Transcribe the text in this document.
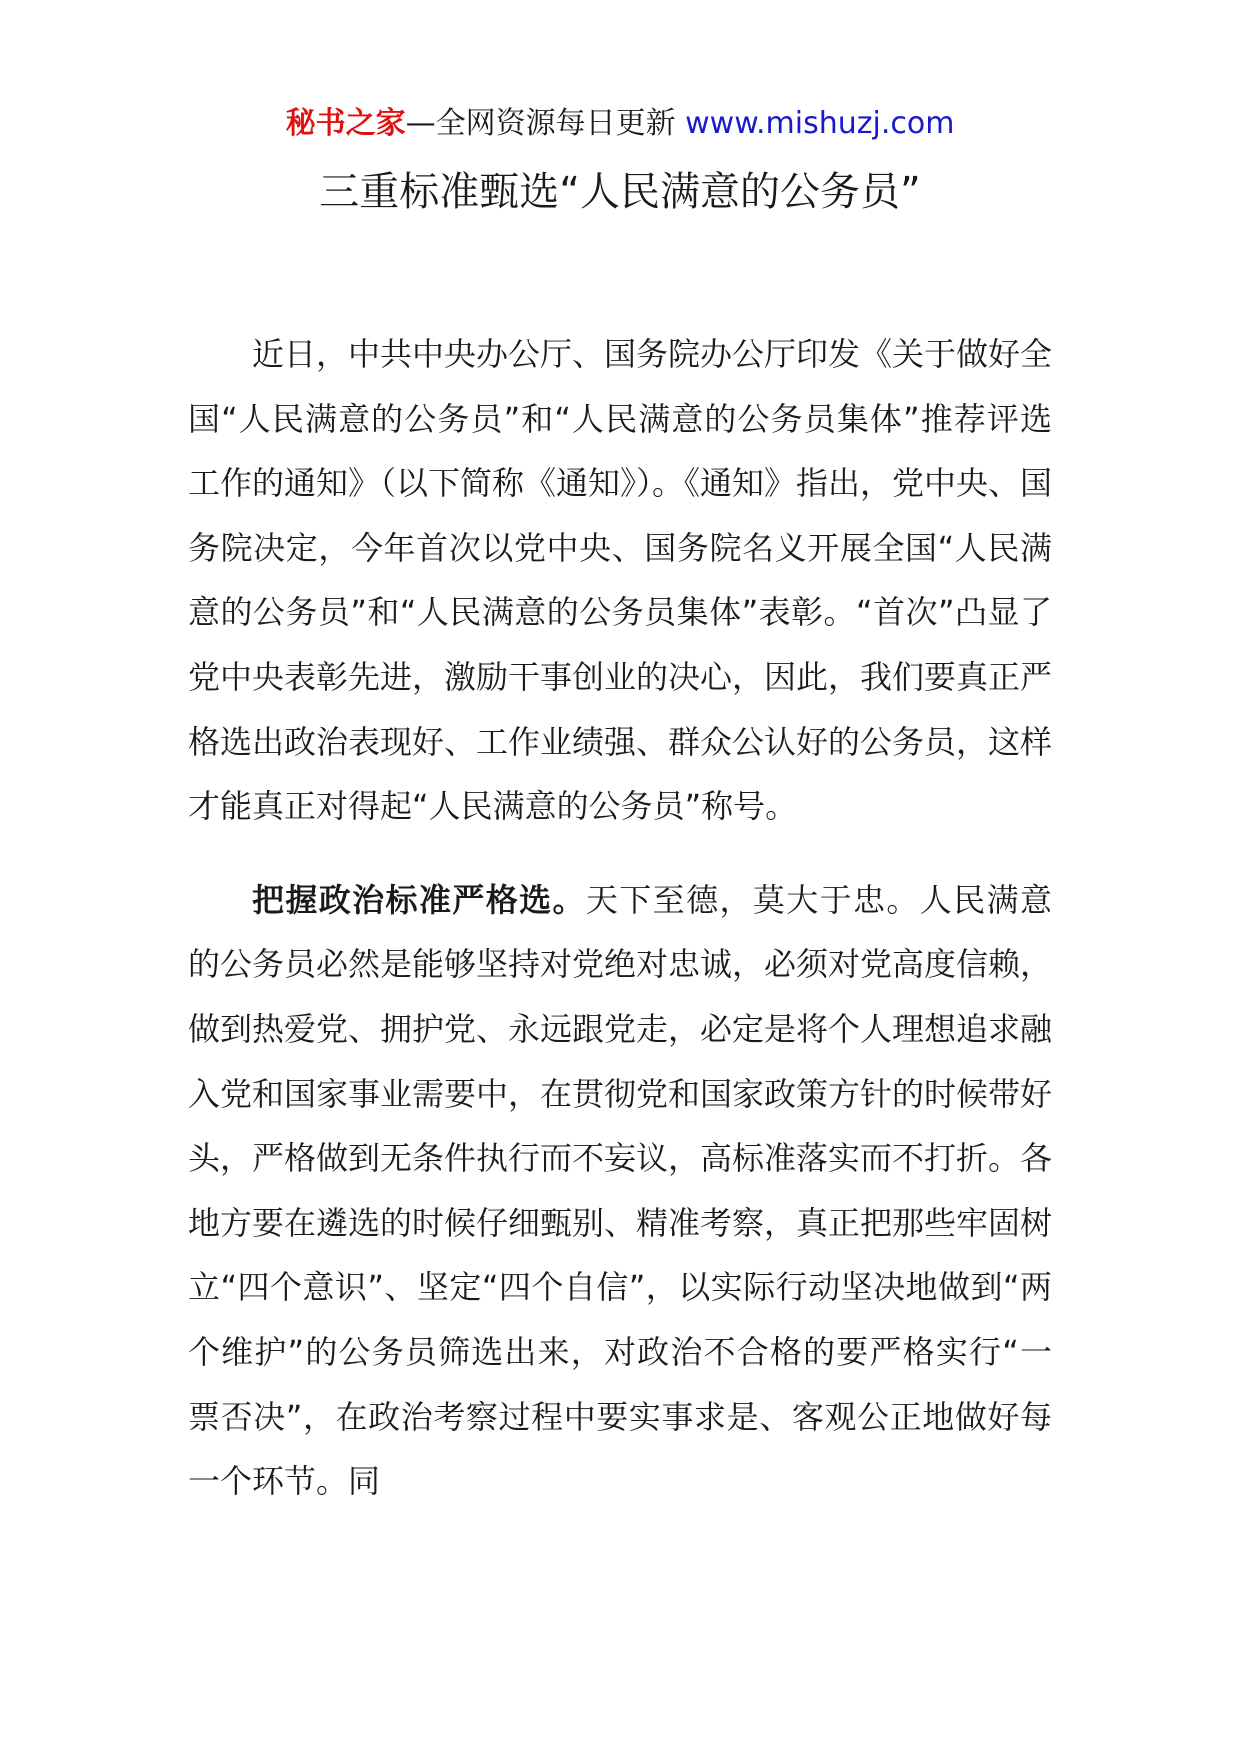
秘书之家—全网资源每日更新 www.mishuzj.com
三重标准甄选“人民满意的公务员”

近日，中共中央办公厅、国务院办公厅印发《关于做好全国“人民满意的公务员”和“人民满意的公务员集体”推荐评选工作的通知》（以下简称《通知》）。《通知》指出，党中央、国务院决定，今年首次以党中央、国务院名义开展全国“人民满意的公务员”和“人民满意的公务员集体”表彰。“首次”凸显了党中央表彰先进，激励干事创业的决心，因此，我们要真正严格选出政治表现好、工作业绩强、群众公认好的公务员，这样才能真正对得起“人民满意的公务员”称号。

把握政治标准严格选。天下至德，莫大于忠。人民满意的公务员必然是能够坚持对党绝对忠诚，必须对党高度信赖，做到热爱党、拥护党、永远跟党走，必定是将个人理想追求融入党和国家事业需要中，在贯彻党和国家政策方针的时候带好头，严格做到无条件执行而不妄议，高标准落实而不打折。各地方要在遴选的时候仔细甄别、精准考察，真正把那些牢固树立“四个意识”、坚定“四个自信”，以实际行动坚决地做到“两个维护”的公务员筛选出来，对政治不合格的要严格实行“一票否决”，在政治考察过程中要实事求是、客观公正地做好每一个环节。同
